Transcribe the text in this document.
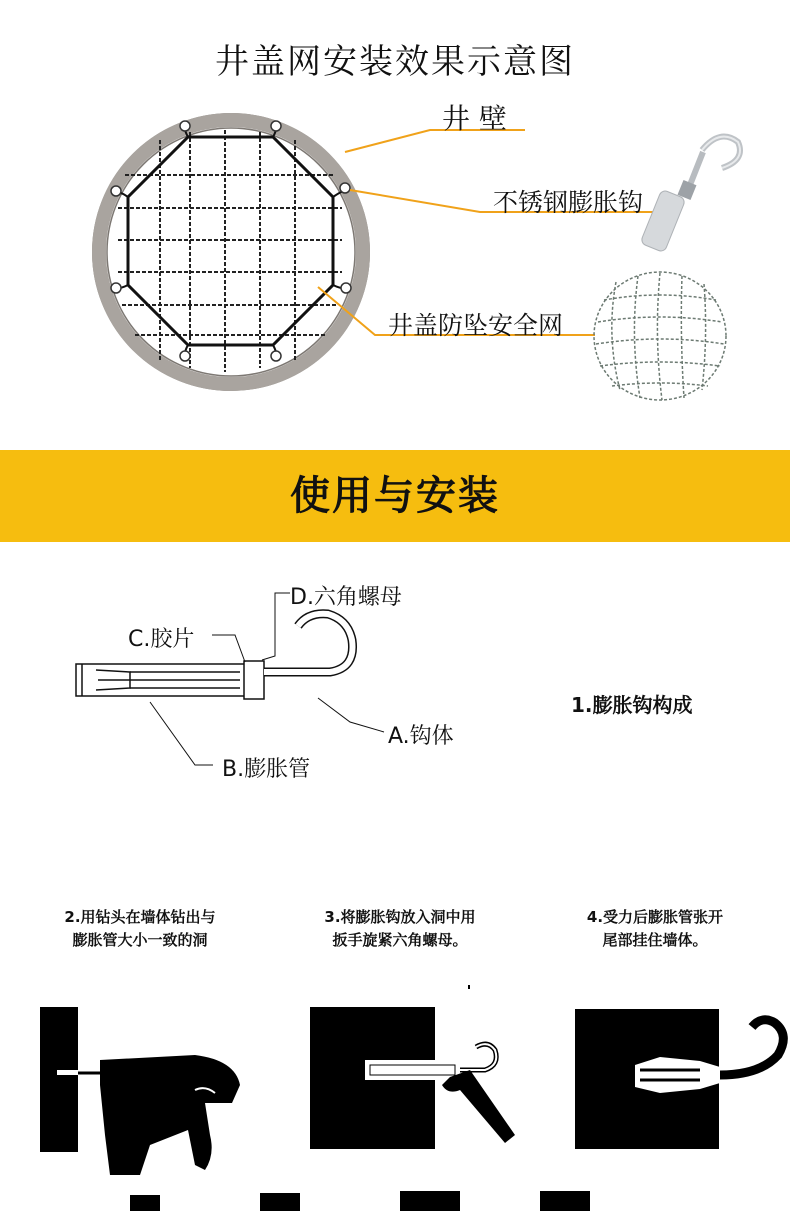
井盖网安装效果示意图
井 壁
不锈钢膨胀钩
井盖防坠安全网
使用与安装
D.六角螺母
C.胶片
A.钩体
B.膨胀管
1.膨胀钩构成
2.用钻头在墙体钻出与
膨胀管大小一致的洞
3.将膨胀钩放入洞中用
扳手旋紧六角螺母。
4.受力后膨胀管张开
尾部挂住墙体。
